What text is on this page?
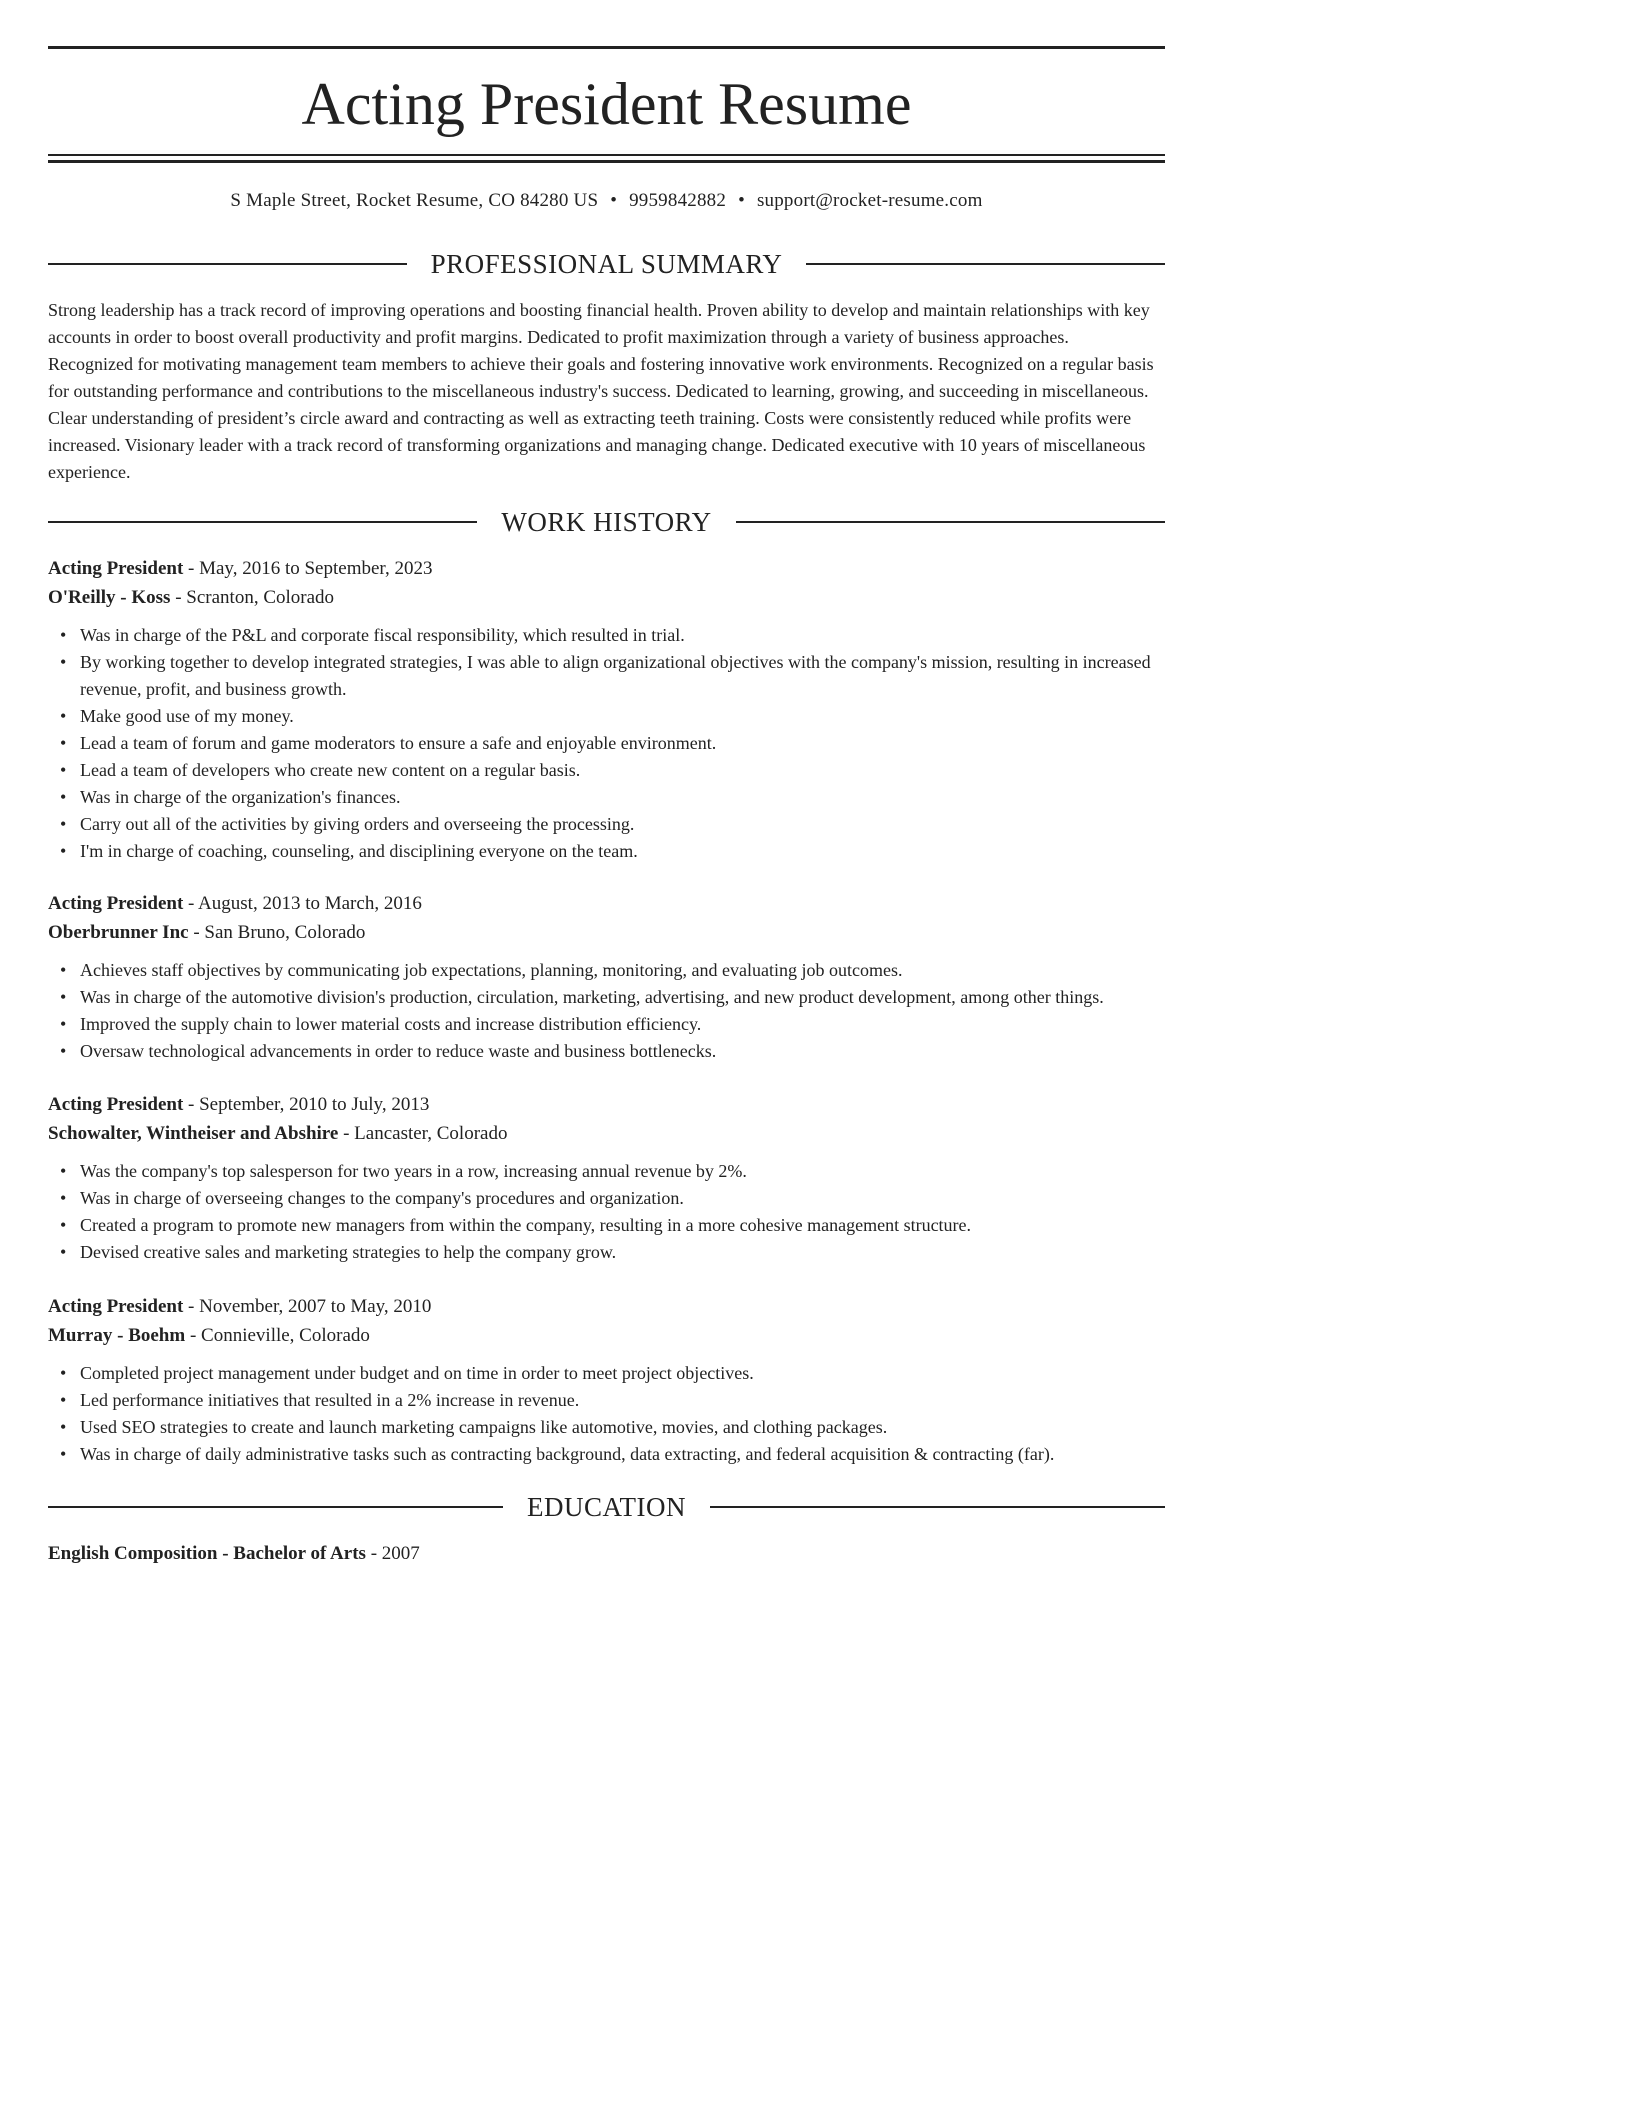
Acting President Resume
S Maple Street, Rocket Resume, CO 84280 US • 9959842882 • support@rocket-resume.com
PROFESSIONAL SUMMARY

Strong leadership has a track record of improving operations and boosting financial health. Proven ability to develop and maintain relationships with key accounts in order to boost overall productivity and profit margins. Dedicated to profit maximization through a variety of business approaches. Recognized for motivating management team members to achieve their goals and fostering innovative work environments. Recognized on a regular basis for outstanding performance and contributions to the miscellaneous industry's success. Dedicated to learning, growing, and succeeding in miscellaneous. Clear understanding of president’s circle award and contracting as well as extracting teeth training. Costs were consistently reduced while profits were increased. Visionary leader with a track record of transforming organizations and managing change. Dedicated executive with 10 years of miscellaneous experience.

WORK HISTORY

Acting President - May, 2016 to September, 2023

O'Reilly - Koss - Scranton, Colorado

• Was in charge of the P&L and corporate fiscal responsibility, which resulted in trial.
• By working together to develop integrated strategies, I was able to align organizational objectives with the company's mission, resulting in increased revenue, profit, and business growth.
• Make good use of my money.
• Lead a team of forum and game moderators to ensure a safe and enjoyable environment.
• Lead a team of developers who create new content on a regular basis.
• Was in charge of the organization's finances.
• Carry out all of the activities by giving orders and overseeing the processing.
• I'm in charge of coaching, counseling, and disciplining everyone on the team.

Acting President - August, 2013 to March, 2016

Oberbrunner Inc - San Bruno, Colorado

• Achieves staff objectives by communicating job expectations, planning, monitoring, and evaluating job outcomes.
• Was in charge of the automotive division's production, circulation, marketing, advertising, and new product development, among other things.
• Improved the supply chain to lower material costs and increase distribution efficiency.
• Oversaw technological advancements in order to reduce waste and business bottlenecks.

Acting President - September, 2010 to July, 2013

Schowalter, Wintheiser and Abshire - Lancaster, Colorado

• Was the company's top salesperson for two years in a row, increasing annual revenue by 2%.
• Was in charge of overseeing changes to the company's procedures and organization.
• Created a program to promote new managers from within the company, resulting in a more cohesive management structure.
• Devised creative sales and marketing strategies to help the company grow.

Acting President - November, 2007 to May, 2010

Murray - Boehm - Connieville, Colorado

• Completed project management under budget and on time in order to meet project objectives.
• Led performance initiatives that resulted in a 2% increase in revenue.
• Used SEO strategies to create and launch marketing campaigns like automotive, movies, and clothing packages.
• Was in charge of daily administrative tasks such as contracting background, data extracting, and federal acquisition & contracting (far).
EDUCATION

English Composition - Bachelor of Arts - 2007
